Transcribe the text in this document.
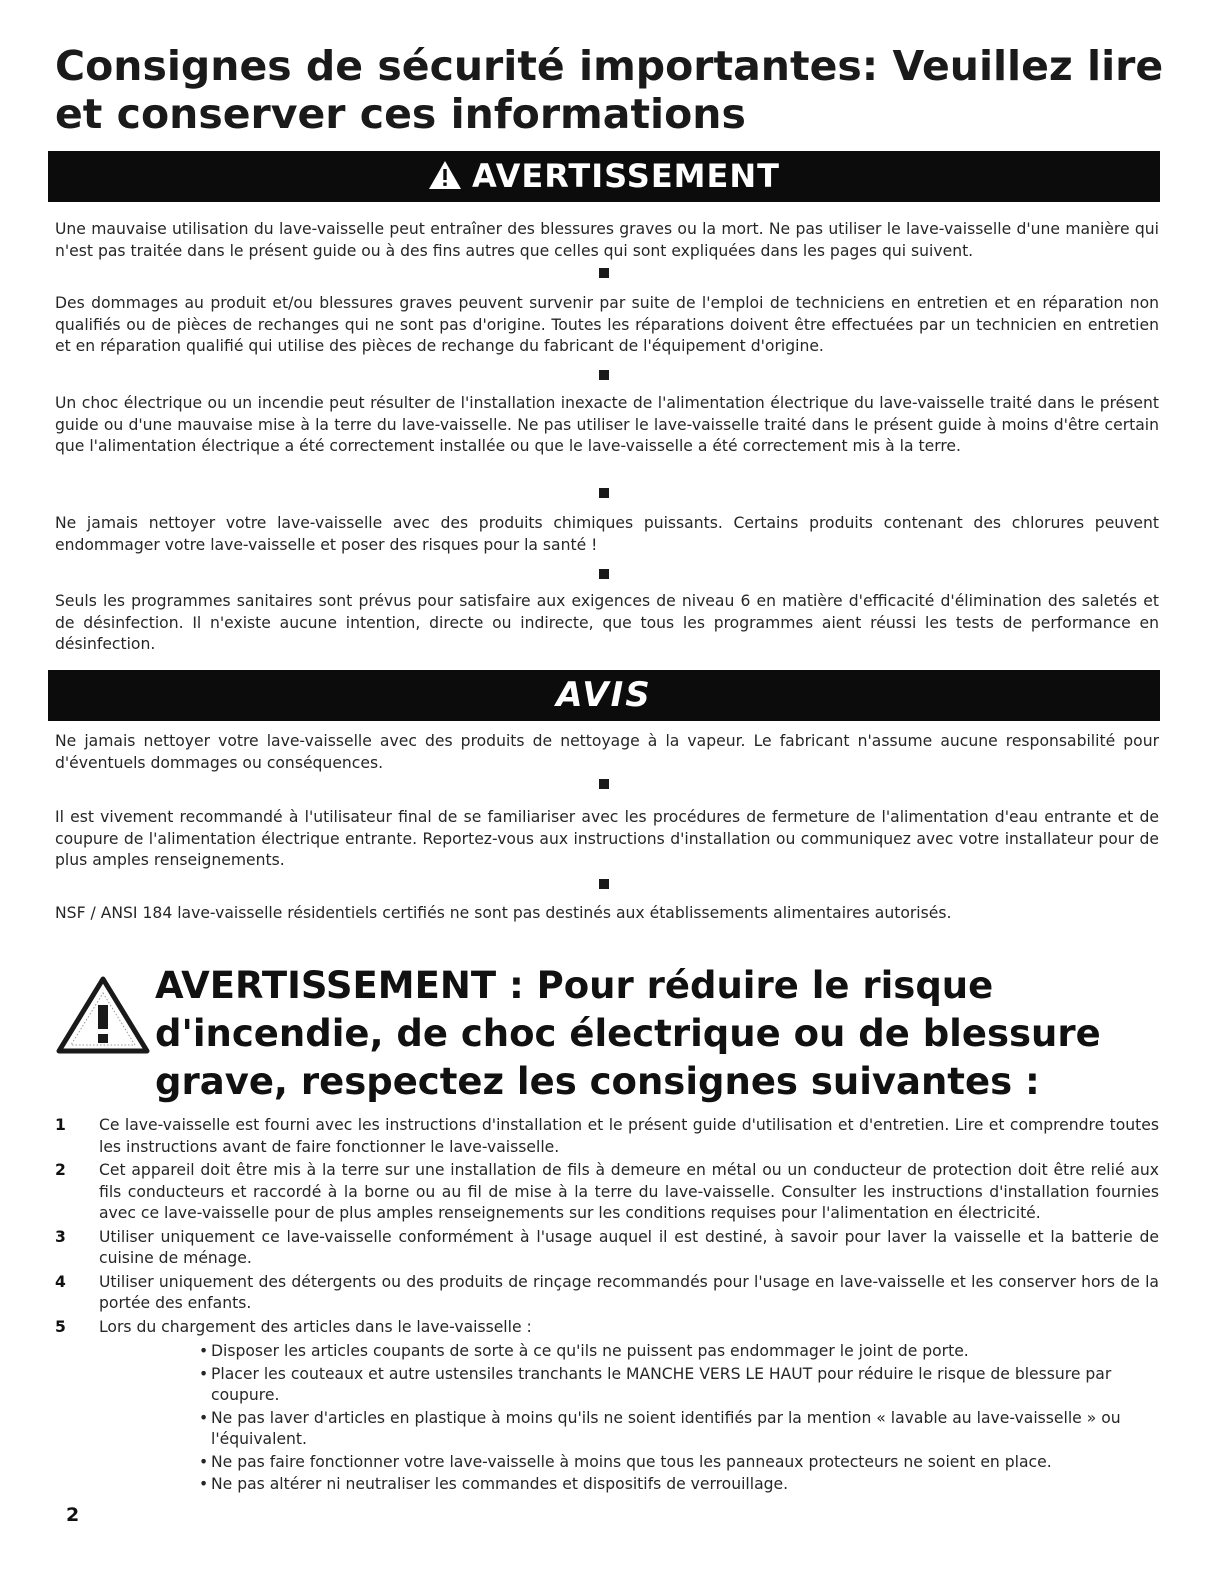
Consignes de sécurité importantes: Veuillez lire et conserver ces informations
AVERTISSEMENT

Une mauvaise utilisation du lave-vaisselle peut entraîner des blessures graves ou la mort. Ne pas utiliser le lave-vaisselle d'une manière qui n'est pas traitée dans le présent guide ou à des fins autres que celles qui sont expliquées dans les pages qui suivent.

Des dommages au produit et/ou blessures graves peuvent survenir par suite de l'emploi de techniciens en entretien et en réparation non qualifiés ou de pièces de rechanges qui ne sont pas d'origine. Toutes les réparations doivent être effectuées par un technicien en entretien et en réparation qualifié qui utilise des pièces de rechange du fabricant de l'équipement d'origine.

Un choc électrique ou un incendie peut résulter de l'installation inexacte de l'alimentation électrique du lave-vaisselle traité dans le présent guide ou d'une mauvaise mise à la terre du lave-vaisselle. Ne pas utiliser le lave-vaisselle traité dans le présent guide à moins d'être certain que l'alimentation électrique a été correctement installée ou que le lave-vaisselle a été correctement mis à la terre.

Ne jamais nettoyer votre lave-vaisselle avec des produits chimiques puissants. Certains produits contenant des chlorures peuvent endommager votre lave-vaisselle et poser des risques pour la santé !

Seuls les programmes sanitaires sont prévus pour satisfaire aux exigences de niveau 6 en matière d'efficacité d'élimination des saletés et de désinfection. Il n'existe aucune intention, directe ou indirecte, que tous les programmes aient réussi les tests de performance en désinfection.

AVIS

Ne jamais nettoyer votre lave-vaisselle avec des produits de nettoyage à la vapeur. Le fabricant n'assume aucune responsabilité pour d'éventuels dommages ou conséquences.

Il est vivement recommandé à l'utilisateur final de se familiariser avec les procédures de fermeture de l'alimentation d'eau entrante et de coupure de l'alimentation électrique entrante. Reportez-vous aux instructions d'installation ou communiquez avec votre installateur pour de plus amples renseignements.

NSF / ANSI 184 lave-vaisselle résidentiels certifiés ne sont pas destinés aux établissements alimentaires autorisés.

AVERTISSEMENT : Pour réduire le risque d'incendie, de choc électrique ou de blessure grave, respectez les consignes suivantes :

1 Ce lave-vaisselle est fourni avec les instructions d'installation et le présent guide d'utilisation et d'entretien. Lire et comprendre toutes les instructions avant de faire fonctionner le lave-vaisselle.
2 Cet appareil doit être mis à la terre sur une installation de fils à demeure en métal ou un conducteur de protection doit être relié aux fils conducteurs et raccordé à la borne ou au fil de mise à la terre du lave-vaisselle. Consulter les instructions d'installation fournies avec ce lave-vaisselle pour de plus amples renseignements sur les conditions requises pour l'alimentation en électricité.
3 Utiliser uniquement ce lave-vaisselle conformément à l'usage auquel il est destiné, à savoir pour laver la vaisselle et la batterie de cuisine de ménage.
4 Utiliser uniquement des détergents ou des produits de rinçage recommandés pour l'usage en lave-vaisselle et les conserver hors de la portée des enfants.
5 Lors du chargement des articles dans le lave-vaisselle :
• Disposer les articles coupants de sorte à ce qu'ils ne puissent pas endommager le joint de porte.
• Placer les couteaux et autre ustensiles tranchants le MANCHE VERS LE HAUT pour réduire le risque de blessure par coupure.
• Ne pas laver d'articles en plastique à moins qu'ils ne soient identifiés par la mention « lavable au lave-vaisselle » ou l'équivalent.
• Ne pas faire fonctionner votre lave-vaisselle à moins que tous les panneaux protecteurs ne soient en place.
• Ne pas altérer ni neutraliser les commandes et dispositifs de verrouillage.
2
